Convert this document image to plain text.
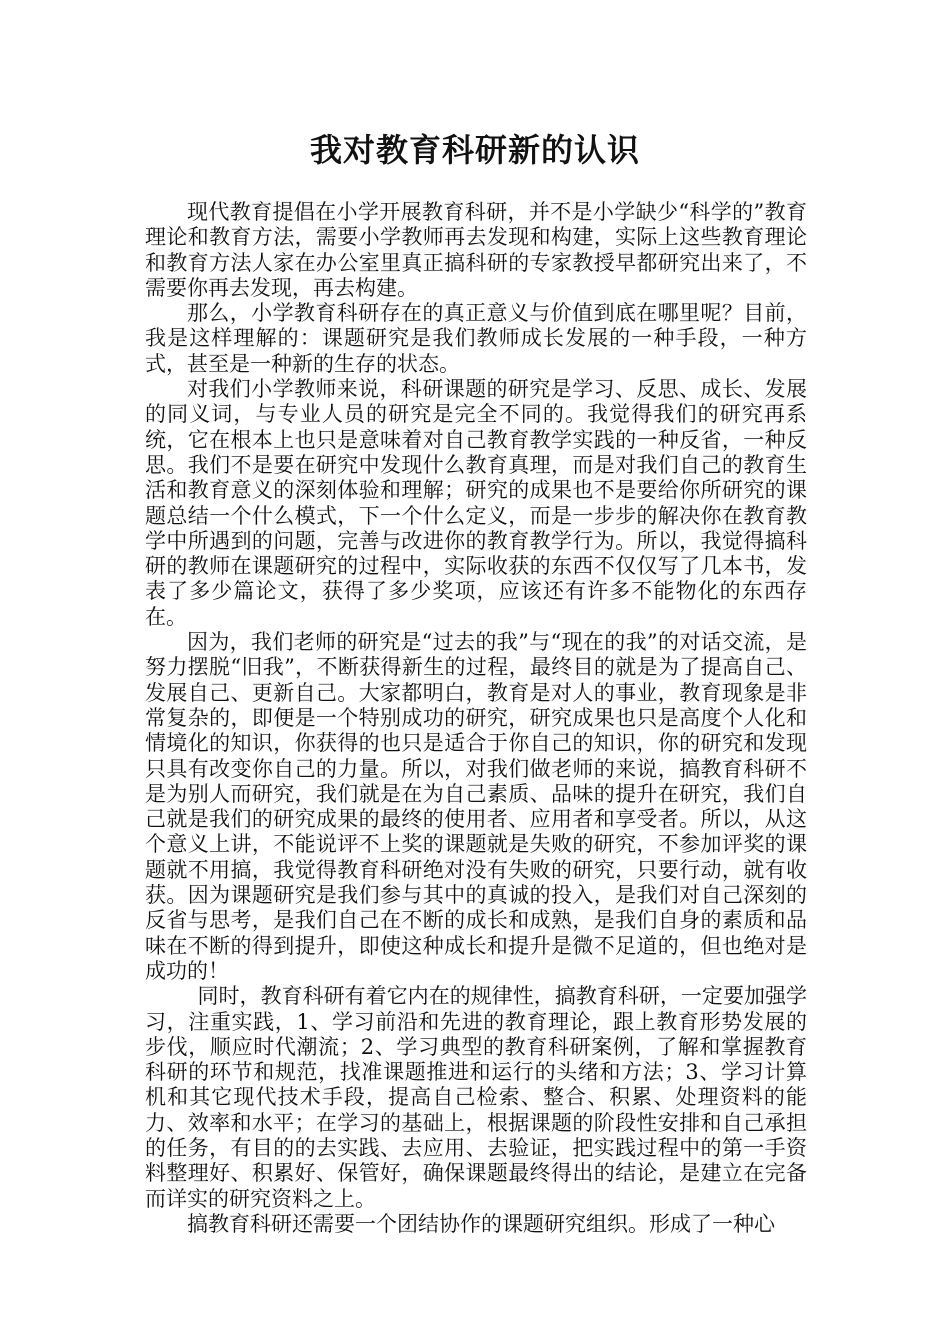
我对教育科研新的认识

现代教育提倡在小学开展教育科研，并不是小学缺少“科学的”教育理论和教育方法，需要小学教师再去发现和构建，实际上这些教育理论和教育方法人家在办公室里真正搞科研的专家教授早都研究出来了，不需要你再去发现，再去构建。

那么，小学教育科研存在的真正意义与价值到底在哪里呢？目前，我是这样理解的：课题研究是我们教师成长发展的一种手段，一种方式，甚至是一种新的生存的状态。

对我们小学教师来说，科研课题的研究是学习、反思、成长、发展的同义词，与专业人员的研究是完全不同的。我觉得我们的研究再系统，它在根本上也只是意味着对自己教育教学实践的一种反省，一种反思。我们不是要在研究中发现什么教育真理，而是对我们自己的教育生活和教育意义的深刻体验和理解；研究的成果也不是要给你所研究的课题总结一个什么模式，下一个什么定义，而是一步步的解决你在教育教学中所遇到的问题，完善与改进你的教育教学行为。所以，我觉得搞科研的教师在课题研究的过程中，实际收获的东西不仅仅写了几本书，发表了多少篇论文，获得了多少奖项，应该还有许多不能物化的东西存在。

因为，我们老师的研究是“过去的我”与“现在的我”的对话交流，是努力摆脱“旧我”，不断获得新生的过程，最终目的就是为了提高自己、发展自己、更新自己。大家都明白，教育是对人的事业，教育现象是非常复杂的，即便是一个特别成功的研究，研究成果也只是高度个人化和情境化的知识，你获得的也只是适合于你自己的知识，你的研究和发现只具有改变你自己的力量。所以，对我们做老师的来说，搞教育科研不是为别人而研究，我们就是在为自己素质、品味的提升在研究，我们自己就是我们的研究成果的最终的使用者、应用者和享受者。所以，从这个意义上讲，不能说评不上奖的课题就是失败的研究，不参加评奖的课题就不用搞，我觉得教育科研绝对没有失败的研究，只要行动，就有收获。因为课题研究是我们参与其中的真诚的投入，是我们对自己深刻的反省与思考，是我们自己在不断的成长和成熟，是我们自身的素质和品味在不断的得到提升，即使这种成长和提升是微不足道的，但也绝对是成功的！

同时，教育科研有着它内在的规律性，搞教育科研，一定要加强学习，注重实践，1、学习前沿和先进的教育理论，跟上教育形势发展的步伐，顺应时代潮流；2、学习典型的教育科研案例，了解和掌握教育科研的环节和规范，找准课题推进和运行的头绪和方法；3、学习计算机和其它现代技术手段，提高自己检索、整合、积累、处理资料的能力、效率和水平；在学习的基础上，根据课题的阶段性安排和自己承担的任务，有目的的去实践、去应用、去验证，把实践过程中的第一手资料整理好、积累好、保管好，确保课题最终得出的结论，是建立在完备而详实的研究资料之上。

搞教育科研还需要一个团结协作的课题研究组织。形成了一种心
